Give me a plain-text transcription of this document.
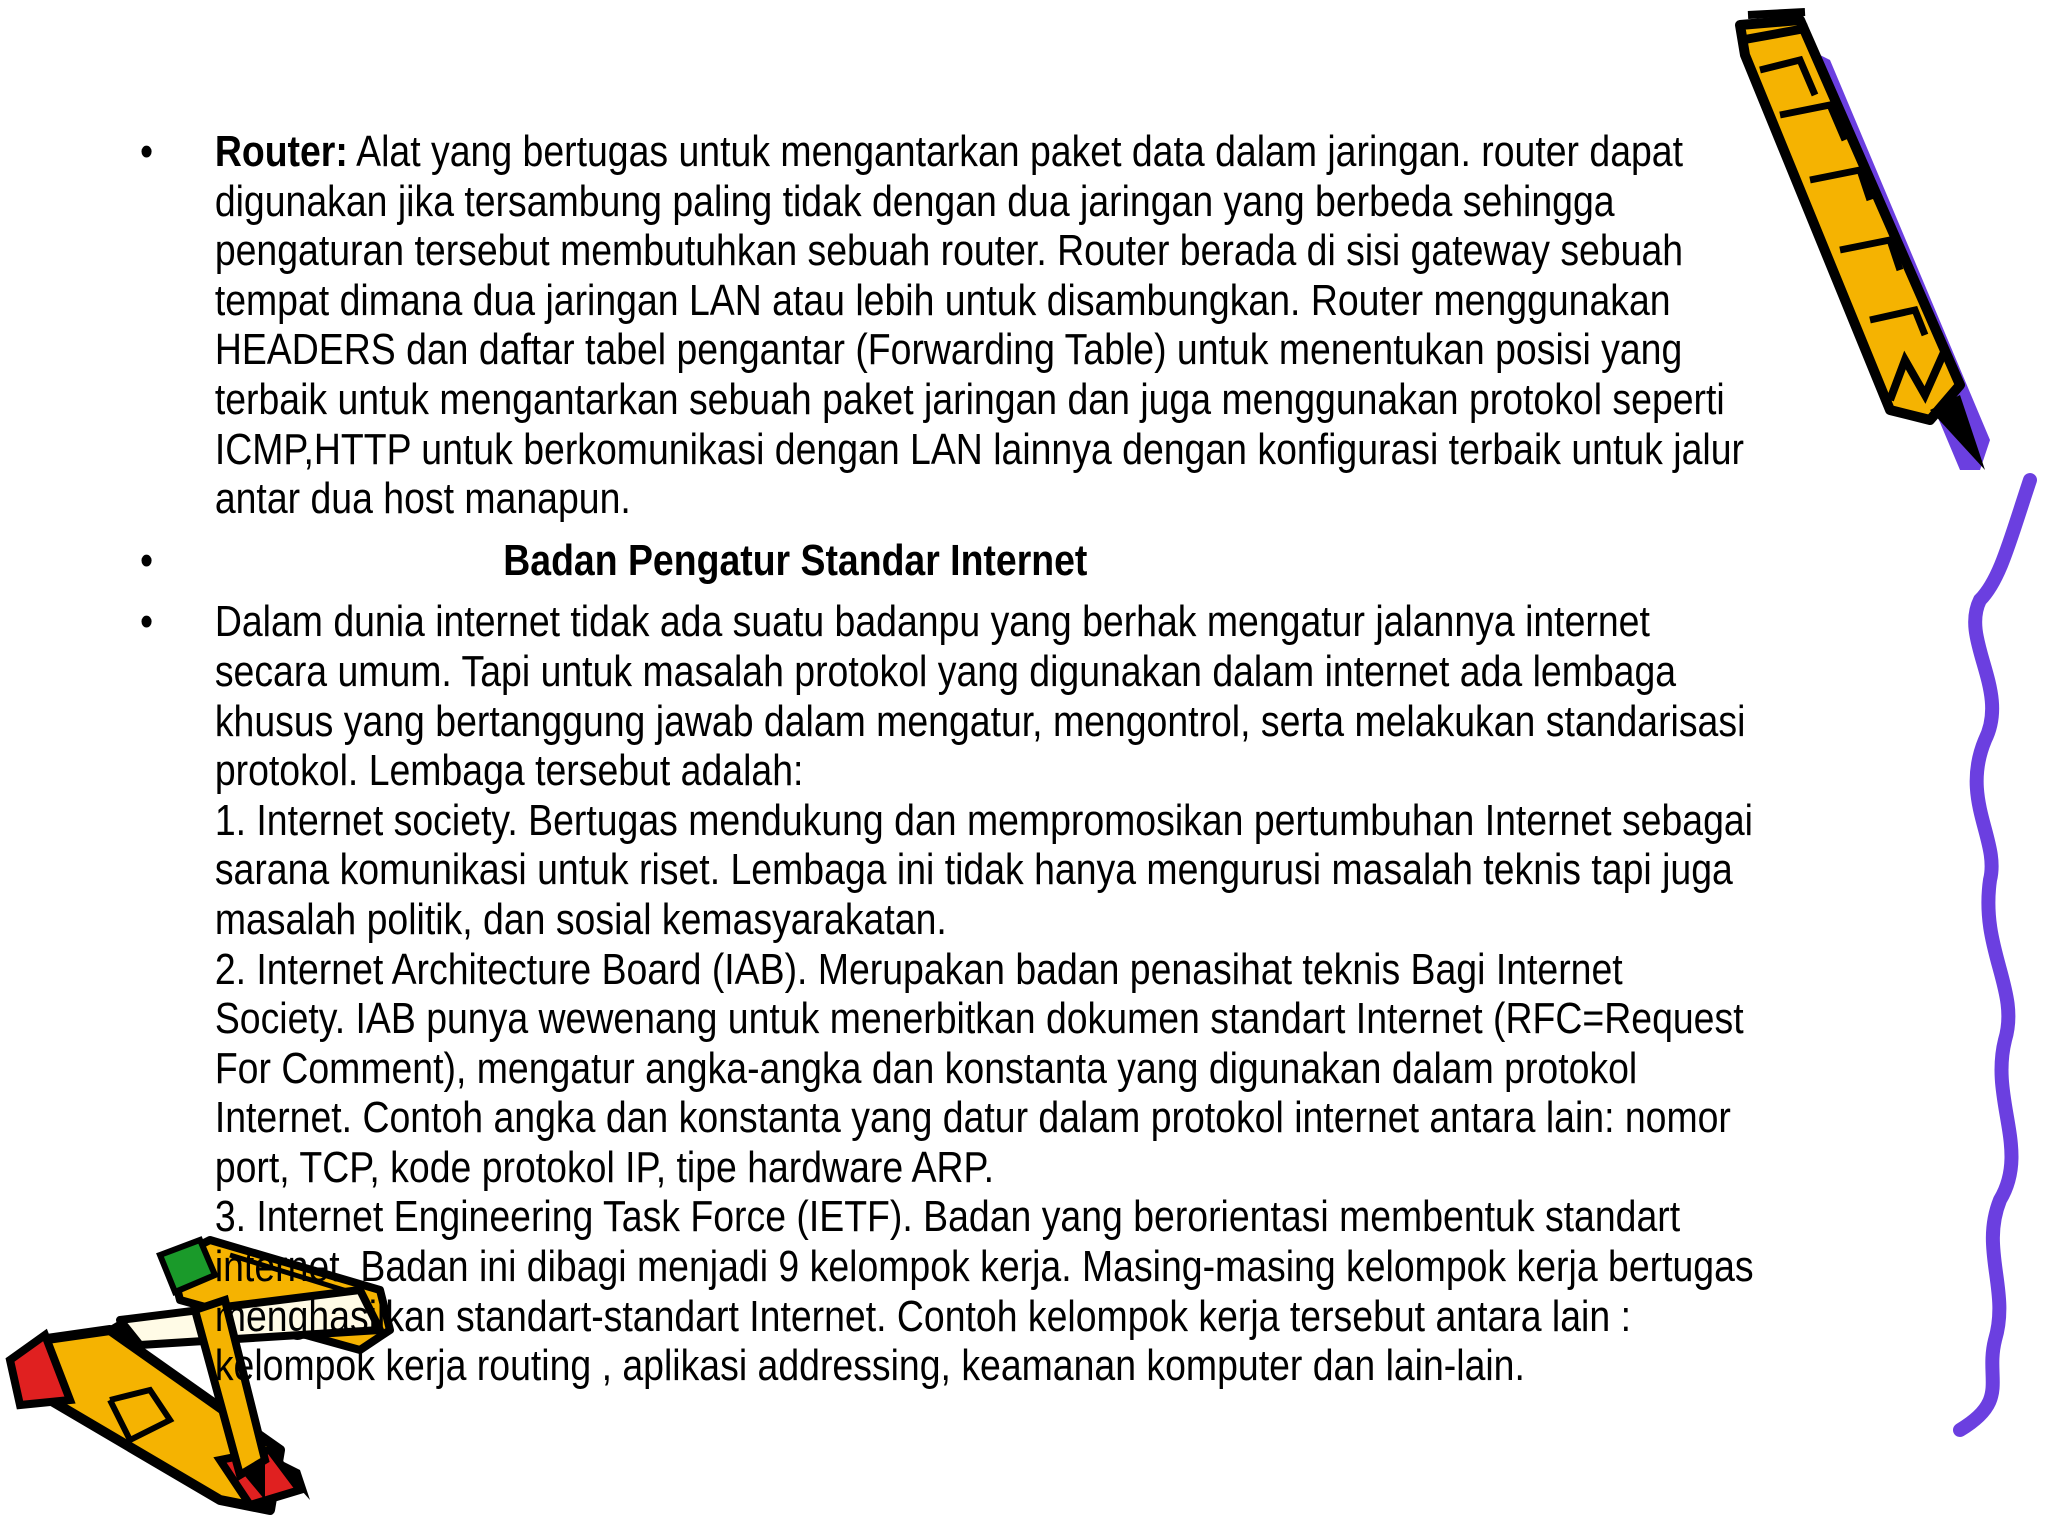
• Router: Alat yang bertugas untuk mengantarkan paket data dalam jaringan. router dapat
digunakan jika tersambung paling tidak dengan dua jaringan yang berbeda sehingga
pengaturan tersebut membutuhkan sebuah router. Router berada di sisi gateway sebuah
tempat dimana dua jaringan LAN atau lebih untuk disambungkan. Router menggunakan
HEADERS dan daftar tabel pengantar (Forwarding Table) untuk menentukan posisi yang
terbaik untuk mengantarkan sebuah paket jaringan dan juga menggunakan protokol seperti
ICMP,HTTP untuk berkomunikasi dengan LAN lainnya dengan konfigurasi terbaik untuk jalur
antar dua host manapun.
•	Badan Pengatur Standar Internet
• Dalam dunia internet tidak ada suatu badanpu yang berhak mengatur jalannya internet
secara umum. Tapi untuk masalah protokol yang digunakan dalam internet ada lembaga
khusus yang bertanggung jawab dalam mengatur, mengontrol, serta melakukan standarisasi
protokol. Lembaga tersebut adalah:
1. Internet society. Bertugas mendukung dan mempromosikan pertumbuhan Internet sebagai
sarana komunikasi untuk riset. Lembaga ini tidak hanya mengurusi masalah teknis tapi juga
masalah politik, dan sosial kemasyarakatan.
2. Internet Architecture Board (IAB). Merupakan badan penasihat teknis Bagi Internet
Society. IAB punya wewenang untuk menerbitkan dokumen standart Internet (RFC=Request
For Comment), mengatur angka-angka dan konstanta yang digunakan dalam protokol
Internet. Contoh angka dan konstanta yang datur dalam protokol internet antara lain: nomor
port, TCP, kode protokol IP, tipe hardware ARP.
3. Internet Engineering Task Force (IETF). Badan yang berorientasi membentuk standart
internet. Badan ini dibagi menjadi 9 kelompok kerja. Masing-masing kelompok kerja bertugas
menghasilkan standart-standart Internet. Contoh kelompok kerja tersebut antara lain :
kelompok kerja routing , aplikasi addressing, keamanan komputer dan lain-lain.
